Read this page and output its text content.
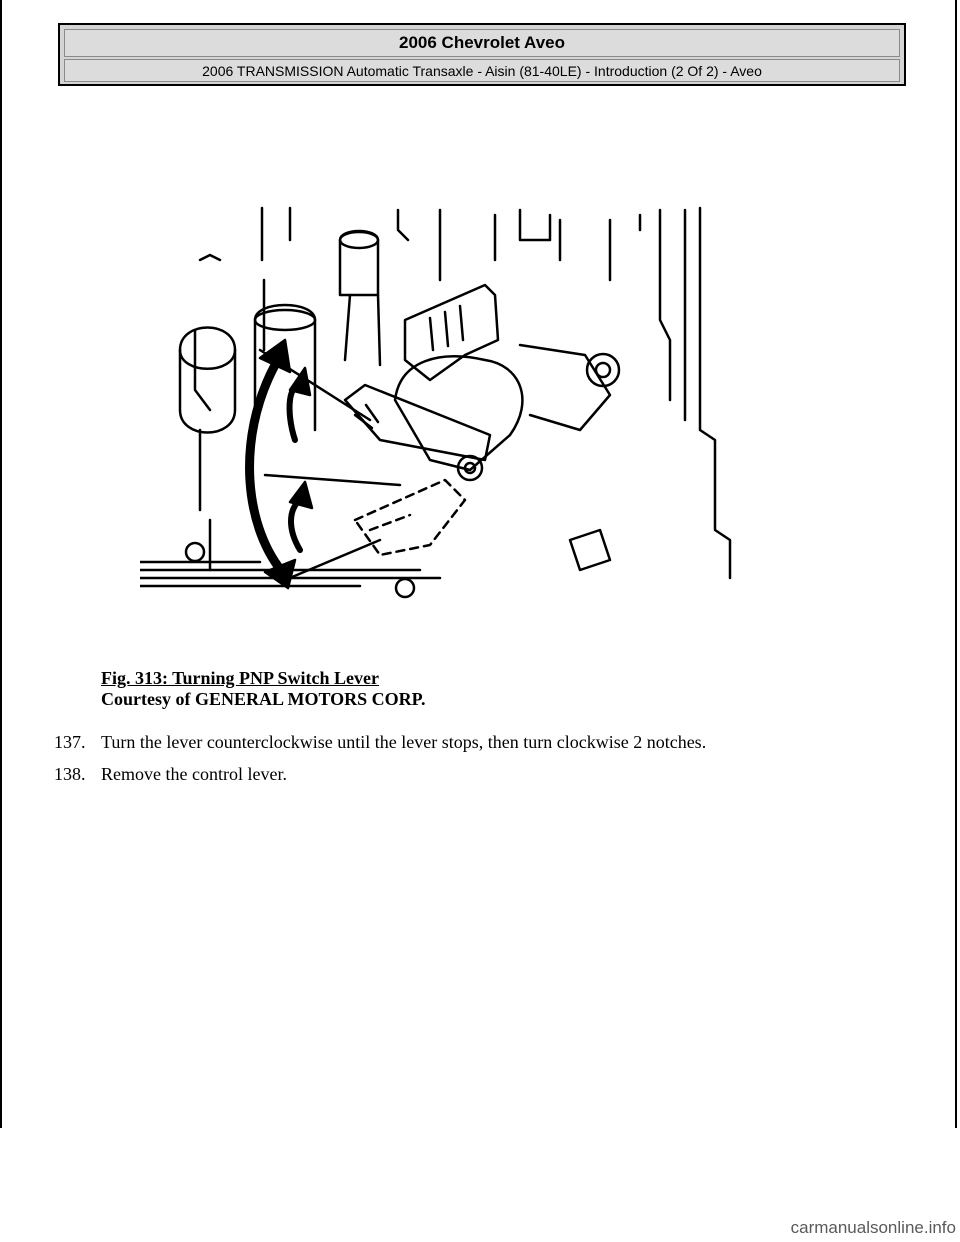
2006 Chevrolet Aveo
2006 TRANSMISSION Automatic Transaxle - Aisin (81-40LE) - Introduction (2 Of 2) - Aveo
Fig. 313: Turning PNP Switch Lever
Courtesy of GENERAL MOTORS CORP.
137. Turn the lever counterclockwise until the lever stops, then turn clockwise 2 notches.
138. Remove the control lever.
carmanualsonline.info
